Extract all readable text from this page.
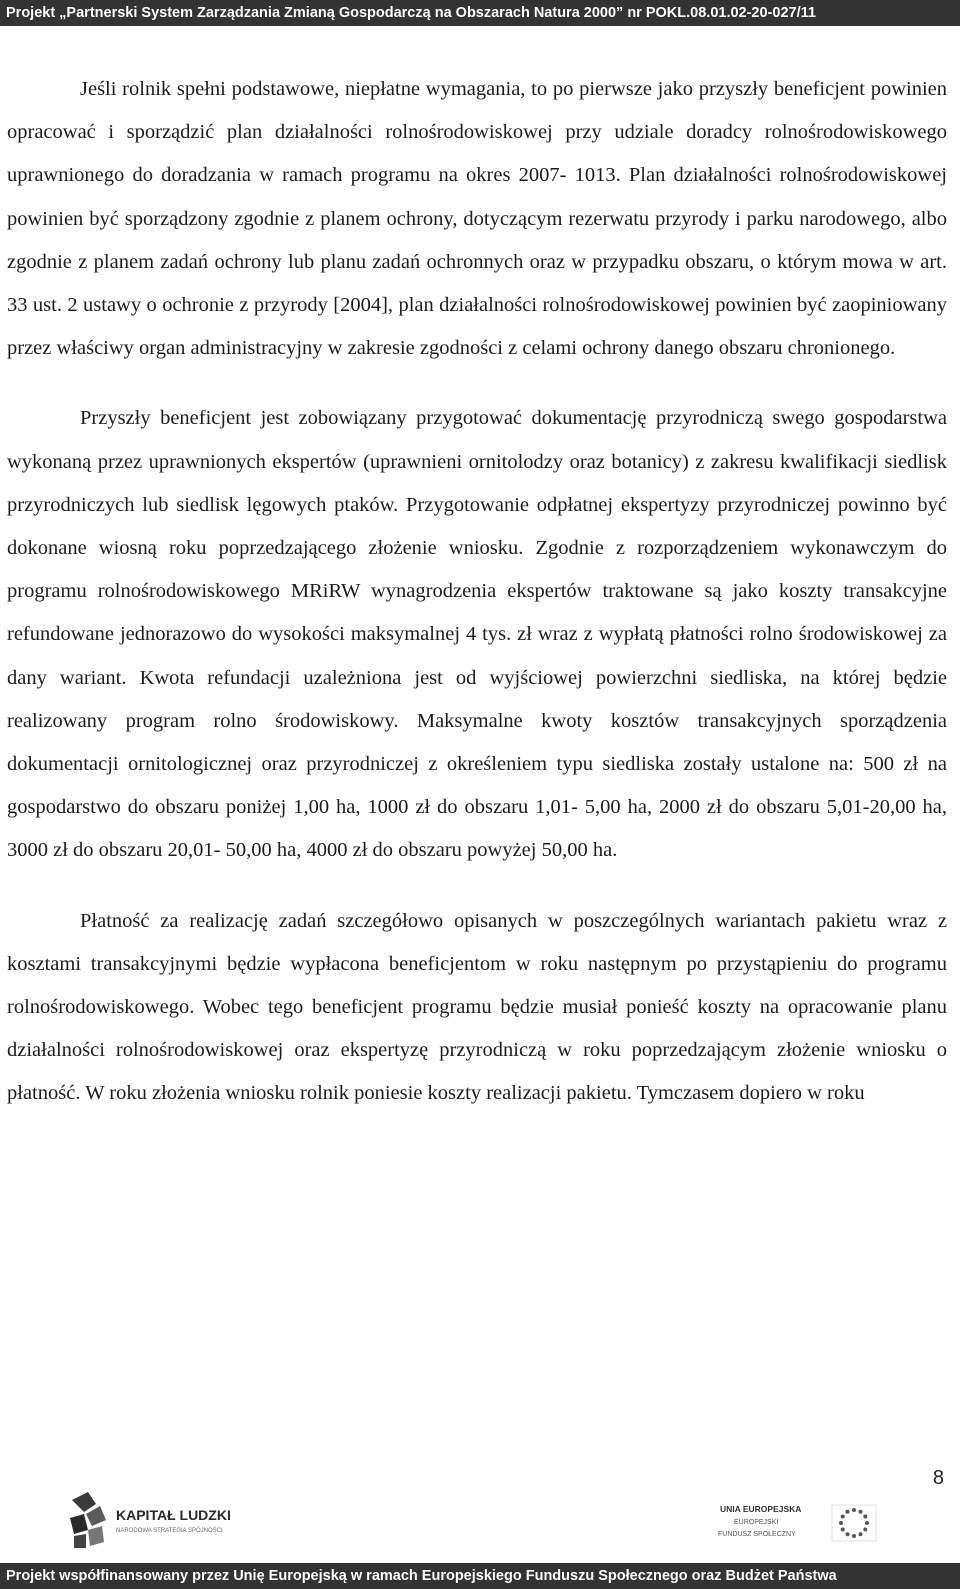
Projekt „Partnerski System Zarządzania Zmianą Gospodarczą na Obszarach Natura 2000” nr POKL.08.01.02-20-027/11

Jeśli rolnik spełni podstawowe, niepłatne wymagania, to po pierwsze jako przyszły beneficjent powinien opracować i sporządzić plan działalności rolnośrodowiskowej przy udziale doradcy rolnośrodowiskowego uprawnionego do doradzania w ramach programu na okres 2007- 1013. Plan działalności rolnośrodowiskowej powinien być sporządzony zgodnie z planem ochrony, dotyczącym rezerwatu przyrody i parku narodowego, albo zgodnie z planem zadań ochrony lub planu zadań ochronnych oraz w przypadku obszaru, o którym mowa w art. 33 ust. 2 ustawy o ochronie z przyrody [2004], plan działalności rolnośrodowiskowej powinien być zaopiniowany przez właściwy organ administracyjny w zakresie zgodności z celami ochrony danego obszaru chronionego.

Przyszły beneficjent jest zobowiązany przygotować dokumentację przyrodniczą swego gospodarstwa wykonaną przez uprawnionych ekspertów (uprawnieni ornitolodzy oraz botanicy) z zakresu kwalifikacji siedlisk przyrodniczych lub siedlisk lęgowych ptaków. Przygotowanie odpłatnej ekspertyzy przyrodniczej powinno być dokonane wiosną roku poprzedzającego złożenie wniosku. Zgodnie z rozporządzeniem wykonawczym do programu rolnośrodowiskowego MRiRW wynagrodzenia ekspertów traktowane są jako koszty transakcyjne refundowane jednorazowo do wysokości maksymalnej 4 tys. zł wraz z wypłatą płatności rolno środowiskowej za dany wariant. Kwota refundacji uzależniona jest od wyjściowej powierzchni siedliska, na której będzie realizowany program rolno środowiskowy. Maksymalne kwoty kosztów transakcyjnych sporządzenia dokumentacji ornitologicznej oraz przyrodniczej z określeniem typu siedliska zostały ustalone na: 500 zł na gospodarstwo do obszaru poniżej 1,00 ha, 1000 zł do obszaru 1,01- 5,00 ha, 2000 zł do obszaru 5,01-20,00 ha, 3000 zł do obszaru 20,01- 50,00 ha, 4000 zł do obszaru powyżej 50,00 ha.

Płatność za realizację zadań szczegółowo opisanych w poszczególnych wariantach pakietu wraz z kosztami transakcyjnymi będzie wypłacona beneficjentom w roku następnym po przystąpieniu do programu rolnośrodowiskowego. Wobec tego beneficjent programu będzie musiał ponieść koszty na opracowanie planu działalności rolnośrodowiskowej oraz ekspertyzę przyrodniczą w roku poprzedzającym złożenie wniosku o płatność. W roku złożenia wniosku rolnik poniesie koszty realizacji pakietu. Tymczasem dopiero w roku

8
KAPITAŁ LUDZKI
NARODOWA STRATEGIA SPÓJNOŚCI
UNIA EUROPEJSKA
EUROPEJSKI
FUNDUSZ SPOŁECZNY
Projekt współfinansowany przez Unię Europejską w ramach Europejskiego Funduszu Społecznego oraz Budżet Państwa
